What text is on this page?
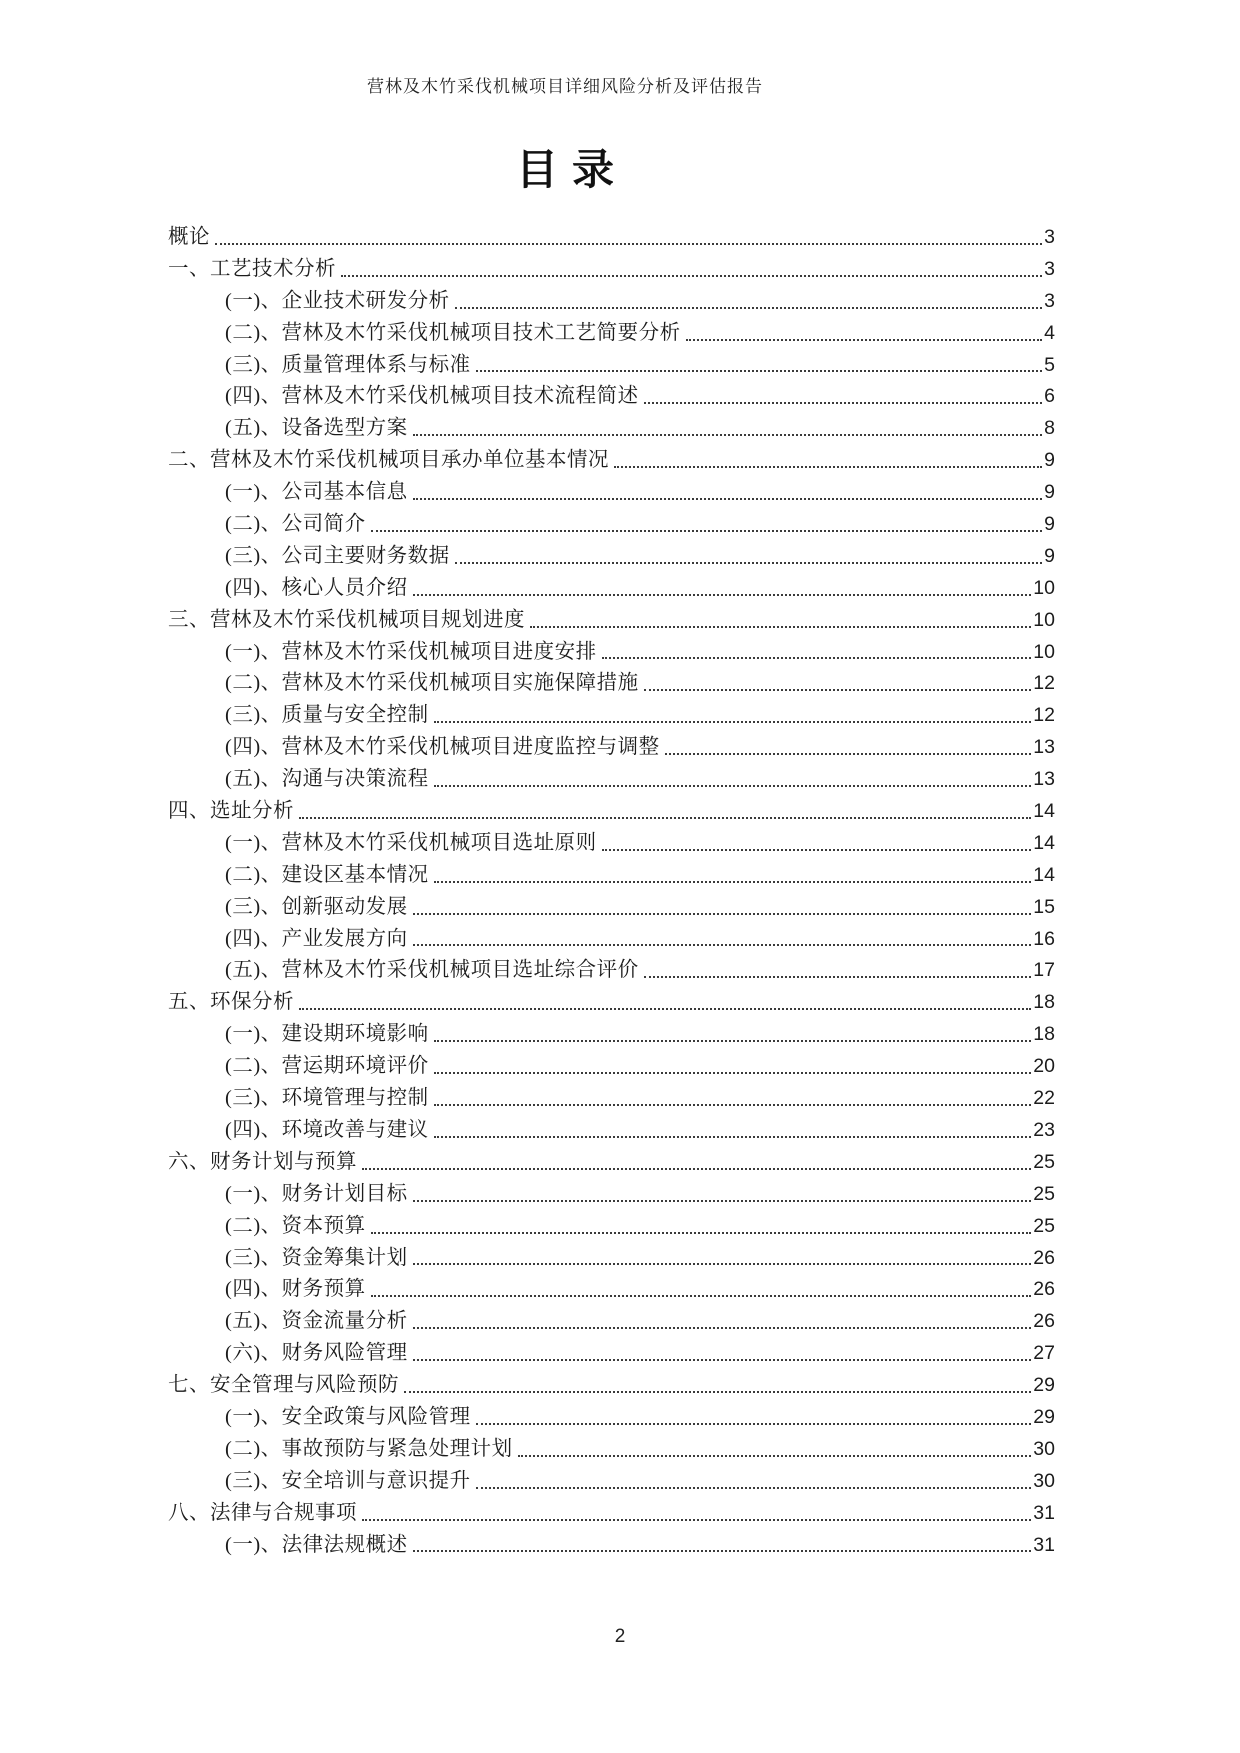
营林及木竹采伐机械项目详细风险分析及评估报告
目录
概论	3
一、工艺技术分析	3
(一)、企业技术研发分析	3
(二)、营林及木竹采伐机械项目技术工艺简要分析	4
(三)、质量管理体系与标准	5
(四)、营林及木竹采伐机械项目技术流程简述	6
(五)、设备选型方案	8
二、营林及木竹采伐机械项目承办单位基本情况	9
(一)、公司基本信息	9
(二)、公司简介	9
(三)、公司主要财务数据	9
(四)、核心人员介绍	10
三、营林及木竹采伐机械项目规划进度	10
(一)、营林及木竹采伐机械项目进度安排	10
(二)、营林及木竹采伐机械项目实施保障措施	12
(三)、质量与安全控制	12
(四)、营林及木竹采伐机械项目进度监控与调整	13
(五)、沟通与决策流程	13
四、选址分析	14
(一)、营林及木竹采伐机械项目选址原则	14
(二)、建设区基本情况	14
(三)、创新驱动发展	15
(四)、产业发展方向	16
(五)、营林及木竹采伐机械项目选址综合评价	17
五、环保分析	18
(一)、建设期环境影响	18
(二)、营运期环境评价	20
(三)、环境管理与控制	22
(四)、环境改善与建议	23
六、财务计划与预算	25
(一)、财务计划目标	25
(二)、资本预算	25
(三)、资金筹集计划	26
(四)、财务预算	26
(五)、资金流量分析	26
(六)、财务风险管理	27
七、安全管理与风险预防	29
(一)、安全政策与风险管理	29
(二)、事故预防与紧急处理计划	30
(三)、安全培训与意识提升	30
八、法律与合规事项	31
(一)、法律法规概述	31
2
